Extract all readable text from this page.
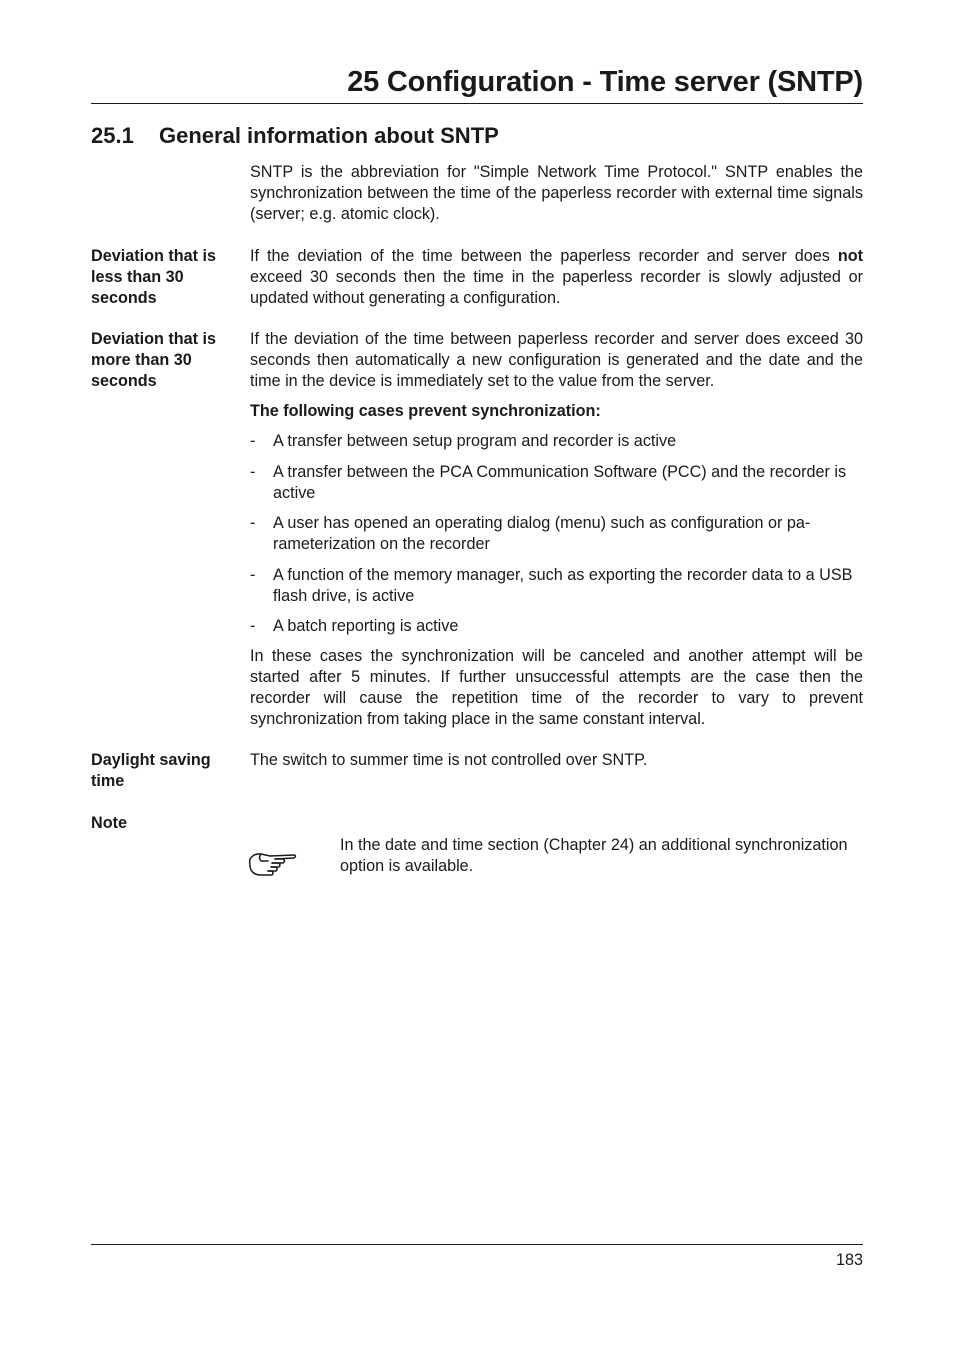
25 Configuration - Time server (SNTP)
25.1 General information about SNTP

SNTP is the abbreviation for "Simple Network Time Protocol." SNTP enables the synchronization between the time of the paperless recorder with external time signals (server; e.g. atomic clock).

Deviation that is less than 30 seconds

If the deviation of the time between the paperless recorder and server does not exceed 30 seconds then the time in the paperless recorder is slowly adjusted or updated without generating a configuration.

Deviation that is more than 30 seconds

If the deviation of the time between paperless recorder and server does exceed 30 seconds then automatically a new configuration is generated and the date and the time in the device is immediately set to the value from the server.

The following cases prevent synchronization:

- A transfer between setup program and recorder is active
- A transfer between the PCA Communication Software (PCC) and the recorder is active
- A user has opened an operating dialog (menu) such as configuration or parameterization on the recorder
- A function of the memory manager, such as exporting the recorder data to a USB flash drive, is active
- A batch reporting is active

In these cases the synchronization will be canceled and another attempt will be started after 5 minutes. If further unsuccessful attempts are the case then the recorder will cause the repetition time of the recorder to vary to prevent synchronization from taking place in the same constant interval.

Daylight saving time

The switch to summer time is not controlled over SNTP.

Note

In the date and time section (Chapter 24) an additional synchronization option is available.

183
